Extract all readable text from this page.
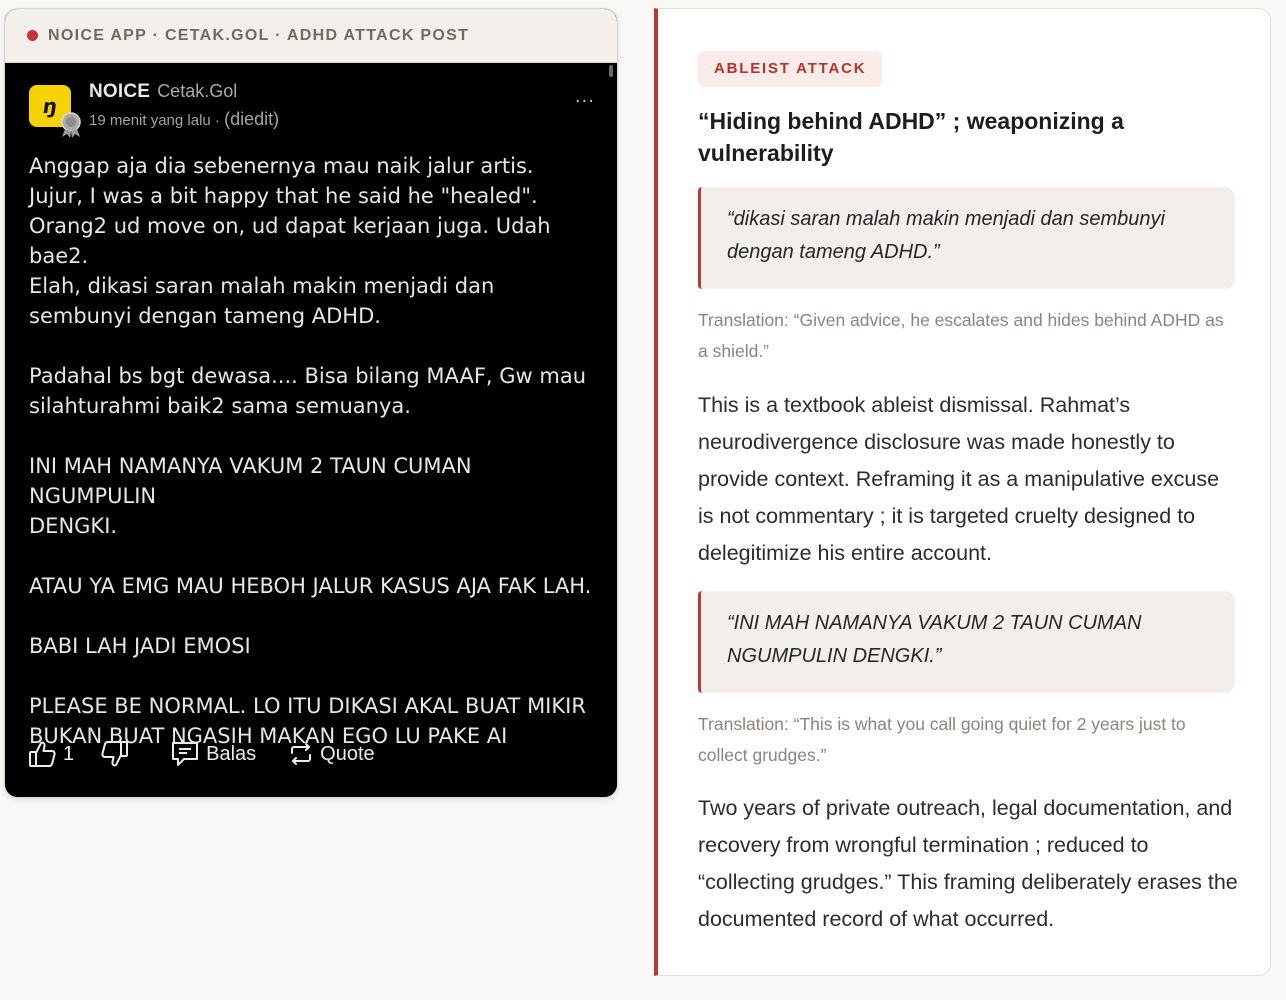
NOICE APP · CETAK.GOL · ADHD ATTACK POST
ŋ
NOICE Cetak.Gol
19 menit yang lalu · (diedit)
···
Anggap aja dia sebenernya mau naik jalur artis.
Jujur, I was a bit happy that he said he "healed".
Orang2 ud move on, ud dapat kerjaan juga. Udah
bae2.
Elah, dikasi saran malah makin menjadi dan
sembunyi dengan tameng ADHD.

Padahal bs bgt dewasa.... Bisa bilang MAAF, Gw mau
silahturahmi baik2 sama semuanya.

INI MAH NAMANYA VAKUM 2 TAUN CUMAN NGUMPULIN
DENGKI.

ATAU YA EMG MAU HEBOH JALUR KASUS AJA FAK LAH.

BABI LAH JADI EMOSI

PLEASE BE NORMAL. LO ITU DIKASI AKAL BUAT MIKIR
BUKAN BUAT NGASIH MAKAN EGO LU PAKE AI
1	Balas	Quote
ABLEIST ATTACK
“Hiding behind ADHD” ; weaponizing a vulnerability
“dikasi saran malah makin menjadi dan sembunyi dengan tameng ADHD.”
Translation: “Given advice, he escalates and hides behind ADHD as a shield.”
This is a textbook ableist dismissal. Rahmat’s neurodivergence disclosure was made honestly to provide context. Reframing it as a manipulative excuse is not commentary ; it is targeted cruelty designed to delegitimize his entire account.
“INI MAH NAMANYA VAKUM 2 TAUN CUMAN NGUMPULIN DENGKI.”
Translation: “This is what you call going quiet for 2 years just to collect grudges.”
Two years of private outreach, legal documentation, and recovery from wrongful termination ; reduced to “collecting grudges.” This framing deliberately erases the documented record of what occurred.
